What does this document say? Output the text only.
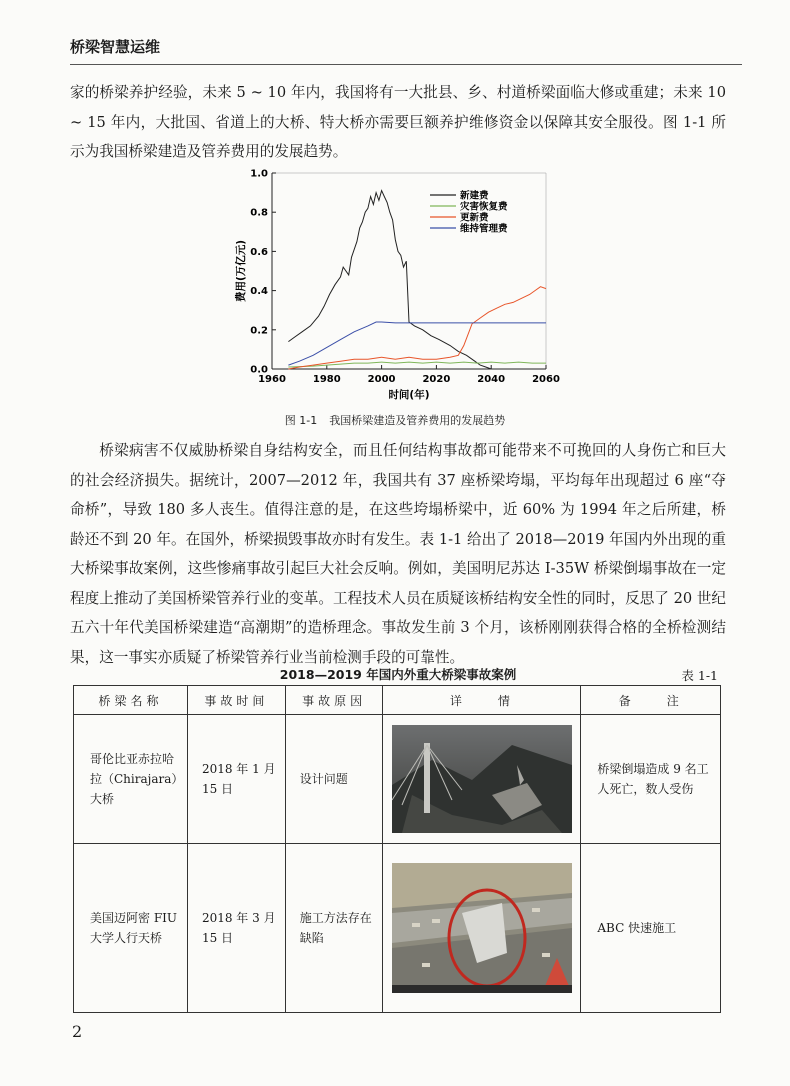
桥梁智慧运维
家的桥梁养护经验，未来 5 ~ 10 年内，我国将有一大批县、乡、村道桥梁面临大修或重建；未来 10 ~ 15 年内，大批国、省道上的大桥、特大桥亦需要巨额养护维修资金以保障其安全服役。图 1-1 所示为我国桥梁建造及管养费用的发展趋势。
0.0
0.2
0.4
0.6
0.8
1.0
1960	1980	2000	2020	2040	2060
时间(年)
费用(万亿元)
新建费
灾害恢复费
更新费
维持管理费
图 1-1 我国桥梁建造及管养费用的发展趋势
桥梁病害不仅威胁桥梁自身结构安全，而且任何结构事故都可能带来不可挽回的人身伤亡和巨大的社会经济损失。据统计，2007—2012 年，我国共有 37 座桥梁垮塌，平均每年出现超过 6 座“夺命桥”，导致 180 多人丧生。值得注意的是，在这些垮塌桥梁中，近 60% 为 1994 年之后所建，桥龄还不到 20 年。在国外，桥梁损毁事故亦时有发生。表 1-1 给出了 2018—2019 年国内外出现的重大桥梁事故案例，这些惨痛事故引起巨大社会反响。例如，美国明尼苏达 I-35W 桥梁倒塌事故在一定程度上推动了美国桥梁管养行业的变革。工程技术人员在质疑该桥结构安全性的同时，反思了 20 世纪五六十年代美国桥梁建造“高潮期”的造桥理念。事故发生前 3 个月，该桥刚刚获得合格的全桥检测结果，这一事实亦质疑了桥梁管养行业当前检测手段的可靠性。
2018—2019 年国内外重大桥梁事故案例	表 1-1
桥梁名称	事故时间	事故原因	详　　情	备　　注
哥伦比亚赤拉哈拉（Chirajara）大桥	2018 年 1 月 15 日	设计问题		桥梁倒塌造成 9 名工人死亡，数人受伤
美国迈阿密 FIU 大学人行天桥	2018 年 3 月 15 日	施工方法存在缺陷		ABC 快速施工
2
